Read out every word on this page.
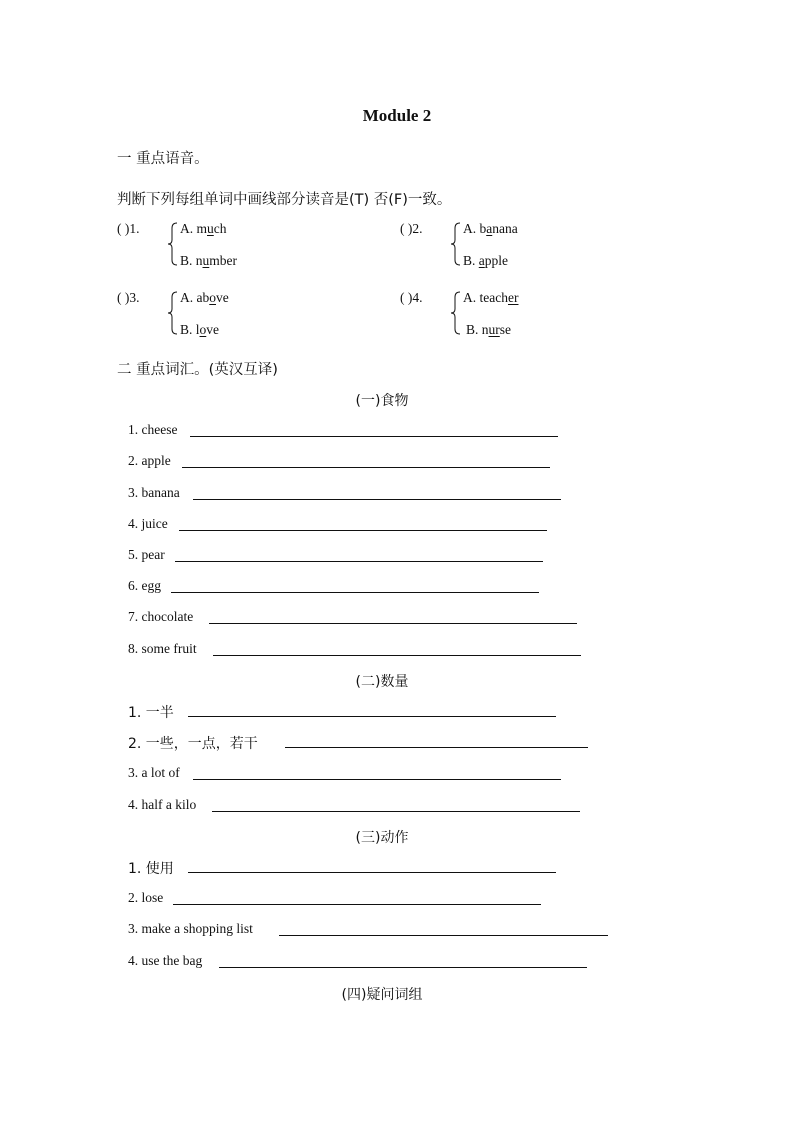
Module 2
一 重点语音。
判断下列每组单词中画线部分读音是(T) 否(F)一致。
( )1.	A. much
B. number
( )2.	A. banana
B. apple
( )3.	A. above
B. love
( )4.	A. teacher
B. nurse
二 重点词汇。(英汉互译)
(一)食物
1. cheese
2. apple
3. banana
4. juice
5. pear
6. egg
7. chocolate
8. some fruit
(二)数量
1. 一半
2. 一些，一点，若干
3. a lot of
4. half a kilo
(三)动作
1. 使用
2. lose
3. make a shopping list
4. use the bag
(四)疑问词组
